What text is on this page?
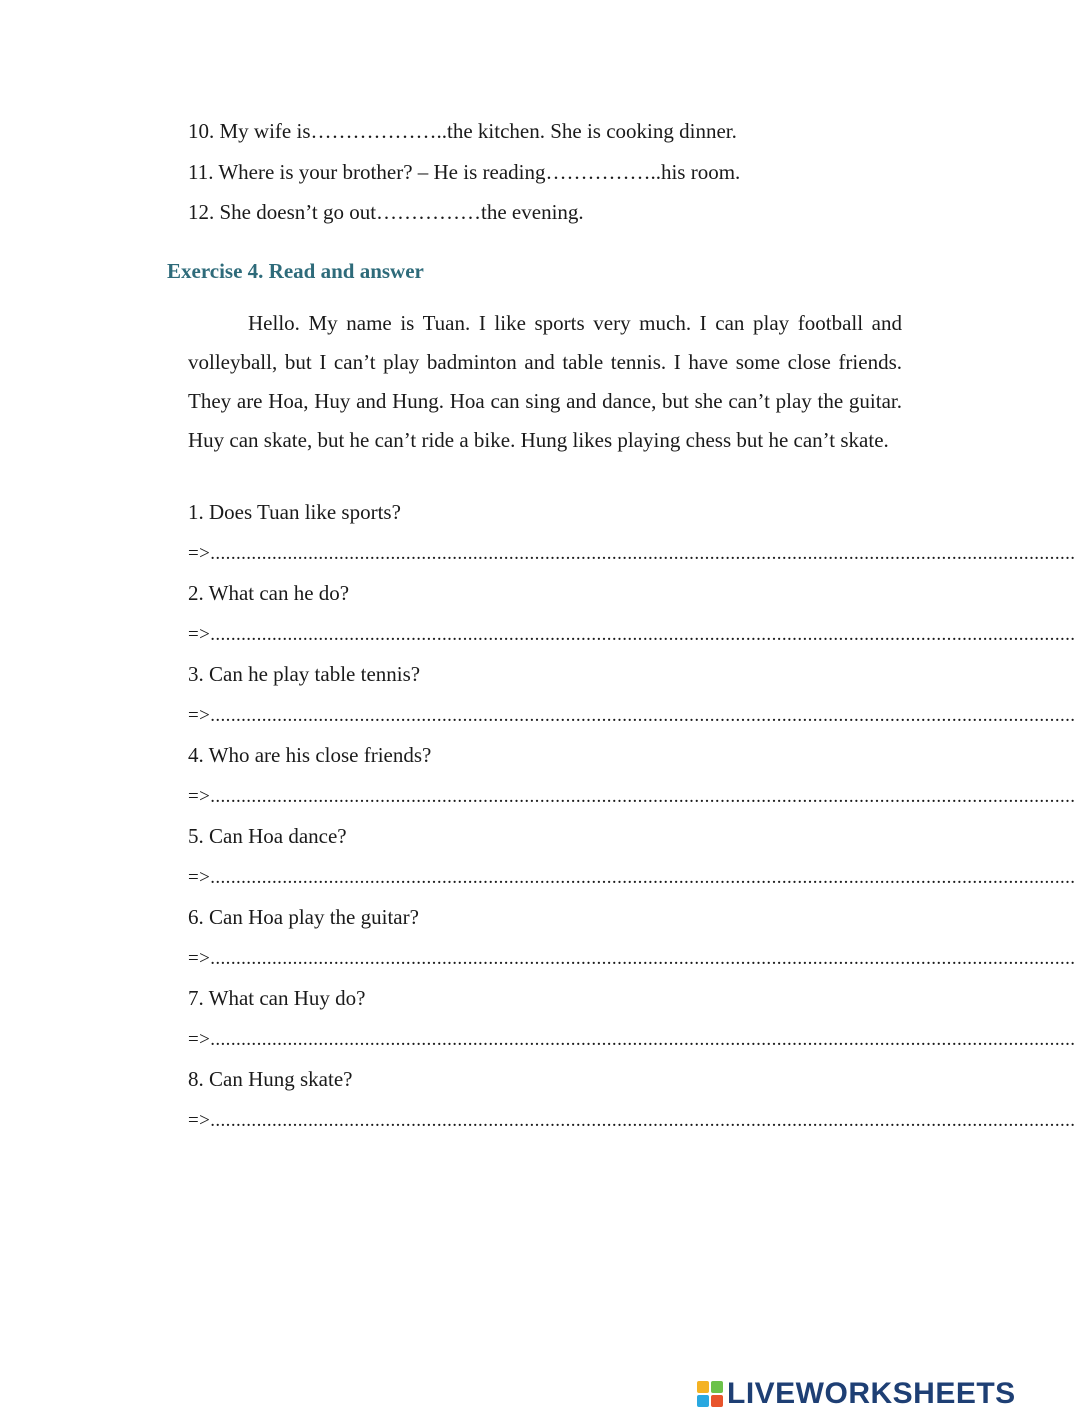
10. My wife is………………..the kitchen. She is cooking dinner.
11. Where is your brother? – He is reading……………..his room.
12. She doesn’t go out……………the evening.
Exercise 4. Read and answer
Hello. My name is Tuan. I like sports very much. I can play football and volleyball, but I can’t play badminton and table tennis. I have some close friends. They are Hoa, Huy and Hung. Hoa can sing and dance, but she can’t play the guitar. Huy can skate, but he can’t ride a bike. Hung likes playing chess but he can’t skate.
1. Does Tuan like sports?
=>........................................................................................................................................................................
2. What can he do?
=>........................................................................................................................................................................
3. Can he play table tennis?
=>........................................................................................................................................................................
4. Who are his close friends?
=>........................................................................................................................................................................
5. Can Hoa dance?
=>........................................................................................................................................................................
6. Can Hoa play the guitar?
=>........................................................................................................................................................................
7. What can Huy do?
=>........................................................................................................................................................................
8. Can Hung skate?
=>........................................................................................................................................................................
LIVEWORKSHEETS
